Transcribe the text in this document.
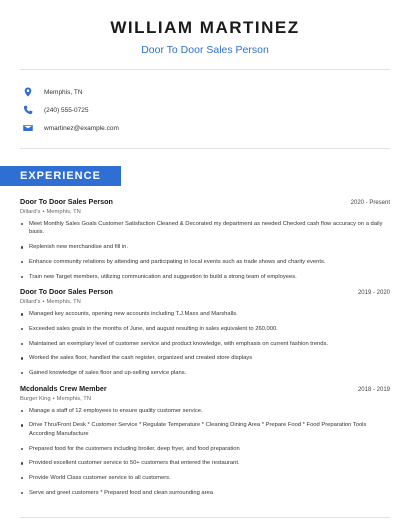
WILLIAM MARTINEZ
Door To Door Sales Person
Memphis, TN
(240) 555-0725
wmartinez@example.com
EXPERIENCE
Door To Door Sales Person	2020 - Present
Dillard's • Memphis, TN
Meet Monthly Sales Goals Customer Satisfaction Cleaned & Decorated my department as needed Checked cash flow accuracy on a daily basis.
Replenish new merchandise and fill in.
Enhance community relations by attending and participating in local events such as trade shows and charity events.
Train new Target members, utilizing communication and suggestion to build a strong team of employees.
Door To Door Sales Person	2019 - 2020
Dillard's • Memphis, TN
Managed key accounts, opening new accounts including T.J.Maxx and Marshalls.
Exceeded sales goals in the months of June, and august resulting in sales equivalent to 260,000.
Maintained an exemplary level of customer service and product knowledge, with emphasis on current fashion trends.
Worked the sales floor, handled the cash register, organized and created store displays
Gained knowledge of sales floor and up-selling service plans.
Mcdonalds Crew Member	2018 - 2019
Burger King • Memphis, TN
Manage a staff of 12 employees to ensure quality customer service.
Drive Thru/Front Desk * Customer Service * Regulate Temperature * Cleaning Dining Area * Prepare Food * Food Preparation Tools According Manufacture
Prepared food for the customers including broiler, deep fryer, and food preparation
Provided excellent customer service to 50+ customers that entered the restaurant.
Provide World Class customer service to all customers.
Serve and greet customers * Prepared food and clean surrounding area
